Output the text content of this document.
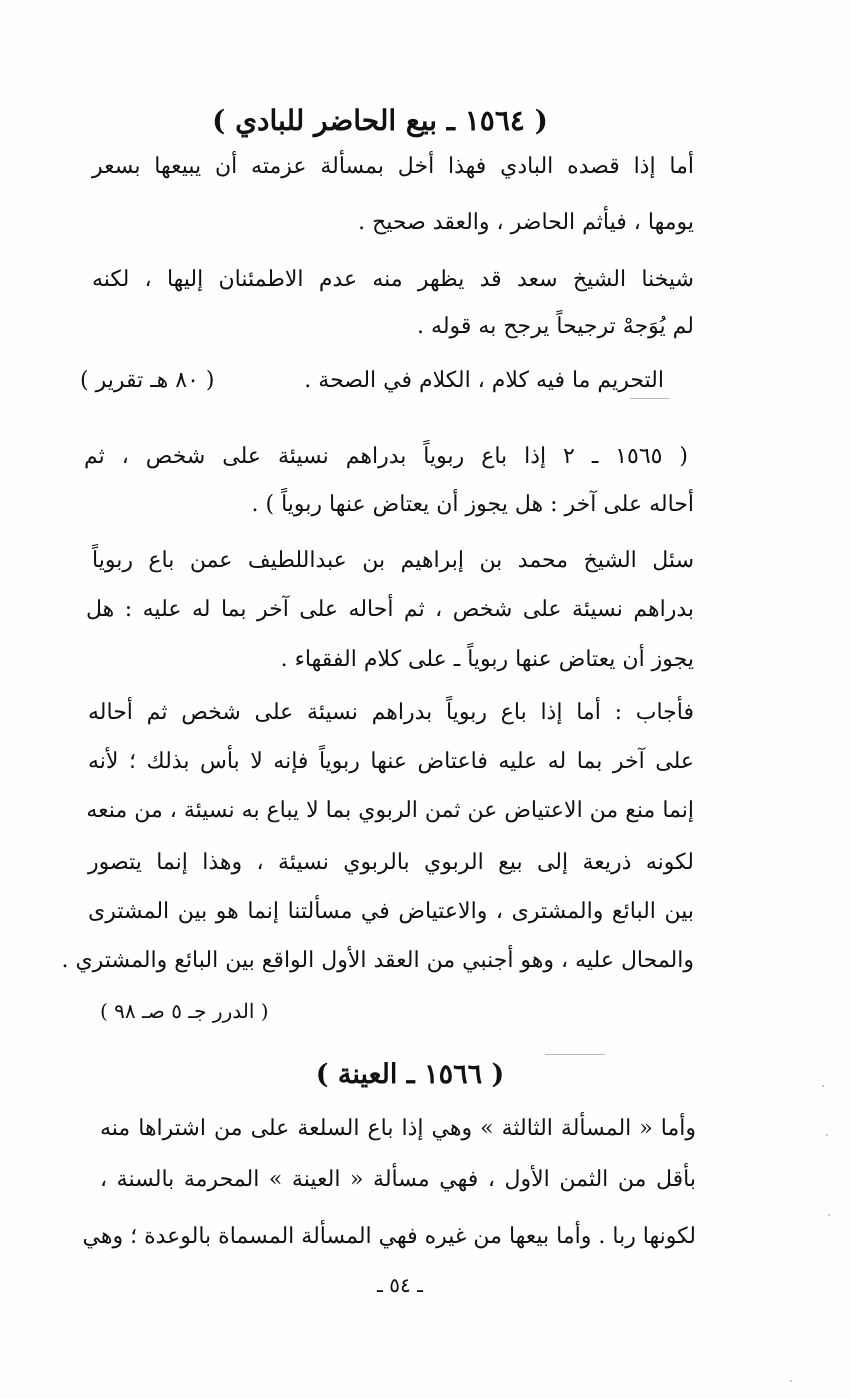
( ١٥٦٤ ـ بيع الحاضر للبادي )
أما إذا قصده البادي فهذا أخل بمسألة عزمته أن يبيعها بسعر
يومها ، فيأثم الحاضر ، والعقد صحيح .
شيخنا الشيخ سعد قد يظهر منه عدم الاطمئنان إليها ، لكنه
لم يُوَجهْ ترجيحاً يرجح به قوله .
التحريم ما فيه كلام ، الكلام في الصحة .
( ٨٠ هـ تقرير )
( ١٥٦٥ ـ ٢ إذا باع ربوياً بدراهم نسيئة على شخص ، ثم
أحاله على آخر : هل يجوز أن يعتاض عنها ربوياً ) .
سئل الشيخ محمد بن إبراهيم بن عبداللطيف عمن باع ربوياً
بدراهم نسيئة على شخص ، ثم أحاله على آخر بما له عليه : هل
يجوز أن يعتاض عنها ربوياً ـ على كلام الفقهاء .
فأجاب : أما إذا باع ربوياً بدراهم نسيئة على شخص ثم أحاله
على آخر بما له عليه فاعتاض عنها ربوياً فإنه لا بأس بذلك ؛ لأنه
إنما منع من الاعتياض عن ثمن الربوي بما لا يباع به نسيئة ، من منعه
لكونه ذريعة إلى بيع الربوي بالربوي نسيئة ، وهذا إنما يتصور
بين البائع والمشترى ، والاعتياض في مسألتنا إنما هو بين المشترى
والمحال عليه ، وهو أجنبي من العقد الأول الواقع بين البائع والمشتري .
( الدرر جـ ٥ صـ ٩٨ )
( ١٥٦٦ ـ العينة )
وأما « المسألة الثالثة » وهي إذا باع السلعة على من اشتراها منه
بأقل من الثمن الأول ، فهي مسألة « العينة » المحرمة بالسنة ،
لكونها ربا . وأما بيعها من غيره فهي المسألة المسماة بالوعدة ؛ وهي
ـ ٥٤ ـ
